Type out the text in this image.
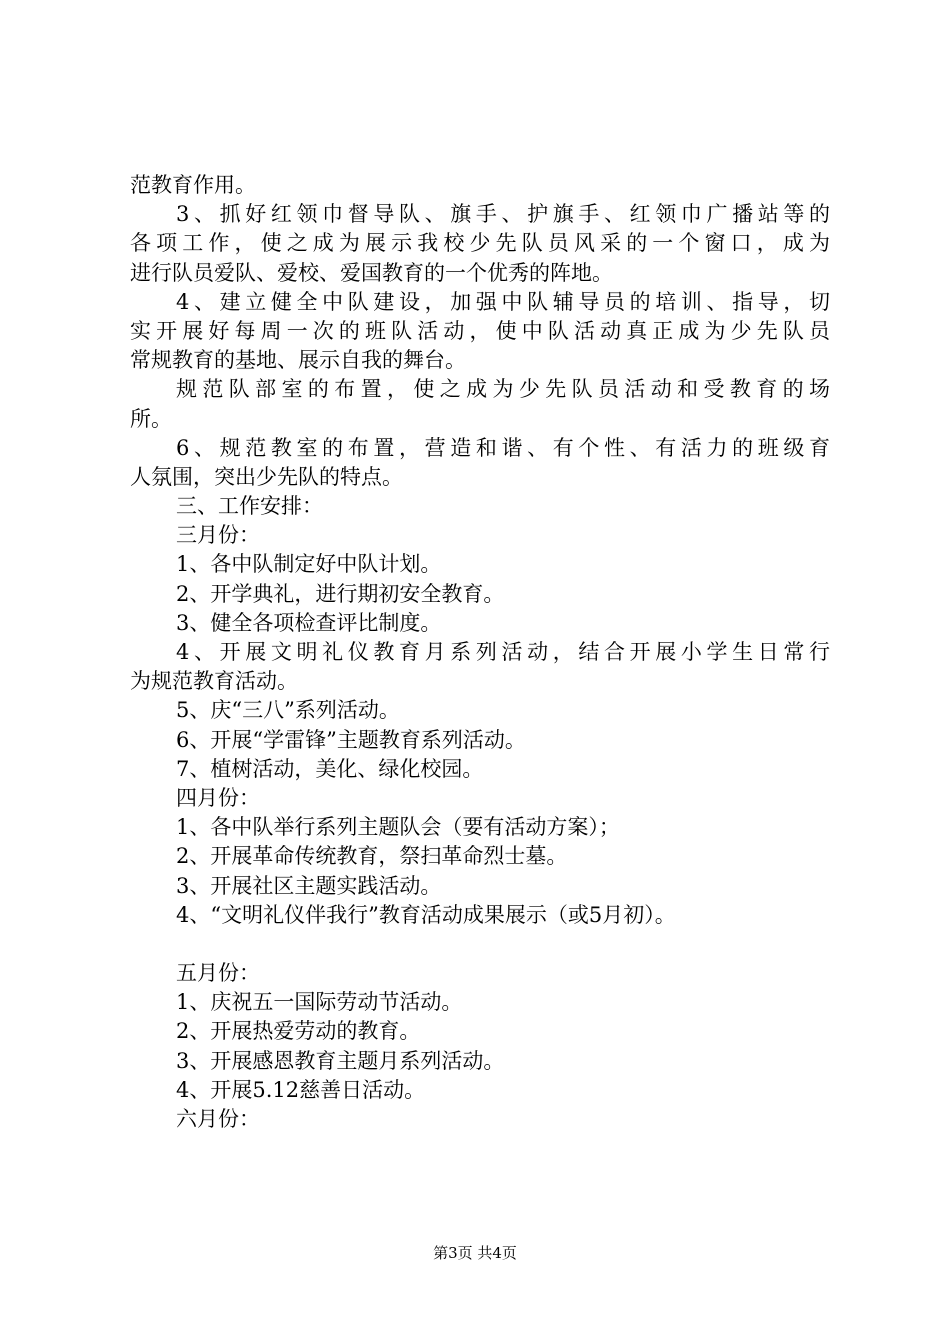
范教育作用。
3、抓好红领巾督导队、旗手、护旗手、红领巾广播站等的
各项工作，使之成为展示我校少先队员风采的一个窗口，成为
进行队员爱队、爱校、爱国教育的一个优秀的阵地。
4、建立健全中队建设，加强中队辅导员的培训、指导，切
实开展好每周一次的班队活动，使中队活动真正成为少先队员
常规教育的基地、展示自我的舞台。
规范队部室的布置，使之成为少先队员活动和受教育的场
所。
6、规范教室的布置，营造和谐、有个性、有活力的班级育
人氛围，突出少先队的特点。
三、工作安排：
三月份：
1、各中队制定好中队计划。
2、开学典礼，进行期初安全教育。
3、健全各项检查评比制度。
4、开展文明礼仪教育月系列活动，结合开展小学生日常行
为规范教育活动。
5、庆“三八”系列活动。
6、开展“学雷锋”主题教育系列活动。
7、植树活动，美化、绿化校园。
四月份：
1、各中队举行系列主题队会（要有活动方案）；
2、开展革命传统教育，祭扫革命烈士墓。
3、开展社区主题实践活动。
4、“文明礼仪伴我行”教育活动成果展示（或5月初）。
五月份：
1、庆祝五一国际劳动节活动。
2、开展热爱劳动的教育。
3、开展感恩教育主题月系列活动。
4、开展5.12慈善日活动。
六月份：
第3页 共4页
